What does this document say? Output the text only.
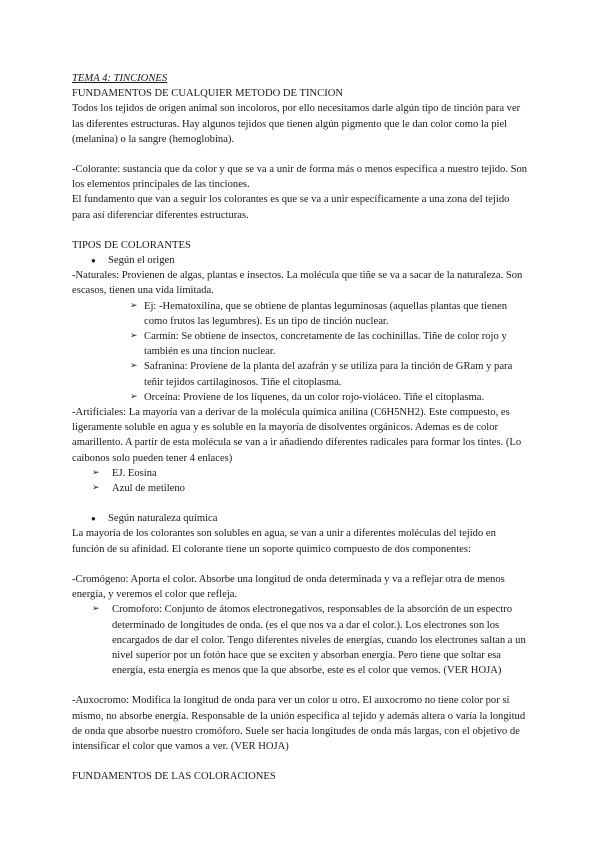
TEMA 4: TINCIONES

FUNDAMENTOS DE CUALQUIER METODO DE TINCION

Todos los tejidos de origen animal son incoloros, por ello necesitamos darle algún tipo de tinción para ver las diferentes estructuras. Hay algunos tejidos que tienen algún pigmento que le dan color como la piel (melanina) o la sangre (hemoglobina).

-Colorante: sustancia que da color y que se va a unir de forma más o menos específica a nuestro tejido. Son los elementos principales de las tinciones.

El fundamento que van a seguir los colorantes es que se va a unir específicamente a una zona del tejido para así diferenciar diferentes estructuras.

TIPOS DE COLORANTES

●	Según el origen

-Naturales: Provienen de algas, plantas e insectos. La molécula que tiñe se va a sacar de la naturaleza. Son escasos, tienen una vida limitada.

➢ Ej: -Hematoxilina, que se obtiene de plantas leguminosas (aquellas plantas que tienen como frutos las legumbres). Es un tipo de tinción nuclear.
➢ Carmín: Se obtiene de insectos, concretamente de las cochinillas. Tiñe de color rojo y también es una tincion nuclear.
➢ Safranina: Proviene de la planta del azafrán y se utiliza para la tinción de GRam y para teñir tejidos cartilaginosos. Tiñe el citoplasma.
➢ Orceína: Proviene de los líquenes, da un color rojo-violáceo. Tiñe el citoplasma.

-Artificiales: La mayoría van a derivar de la molécula química anilina (C6H5NH2). Este compuesto, es ligeramente soluble en agua y es soluble en la mayoría de disolventes orgánicos. Ademas es de color amarillento. A partir de esta molécula se van a ir añadiendo diferentes radicales para formar los tintes. (Lo caibonos solo pueden tener 4 enlaces)

➢	EJ. Eosina
➢	Azul de metileno
●	Según naturaleza química

La mayoría de los colorantes son solubles en agua, se van a unir a diferentes moléculas del tejido en función de su afinidad. El colorante tiene un soporte químico compuesto de dos componentes:

-Cromógeno: Aporta el color. Absorbe una longitud de onda determinada y va a reflejar otra de menos energía, y veremos el color que refleja.

➢	Cromoforo: Conjunto de átomos electronegativos, responsables de la absorción de un espectro determinado de longitudes de onda. (es el que nos va a dar el color.). Los electrones son los encargados de dar el color. Tengo diferentes niveles de energías, cuando los electrones saltan a un nivel superior por un fotón hace que se exciten y absorban energía. Pero tiene que soltar esa energía, esta energía es menos que la que absorbe, este es el color que vemos. (VER HOJA)

-Auxocromo: Modifica la longitud de onda para ver un color u otro. El auxocromo no tiene color por sí mismo, no absorbe energía. Responsable de la unión específica al tejido y además altera o varía la longitud de onda que absorbe nuestro cromóforo. Suele ser hacia longitudes de onda más largas, con el objetivo de intensificar el color que vamos a ver. (VER HOJA)

FUNDAMENTOS DE LAS COLORACIONES
